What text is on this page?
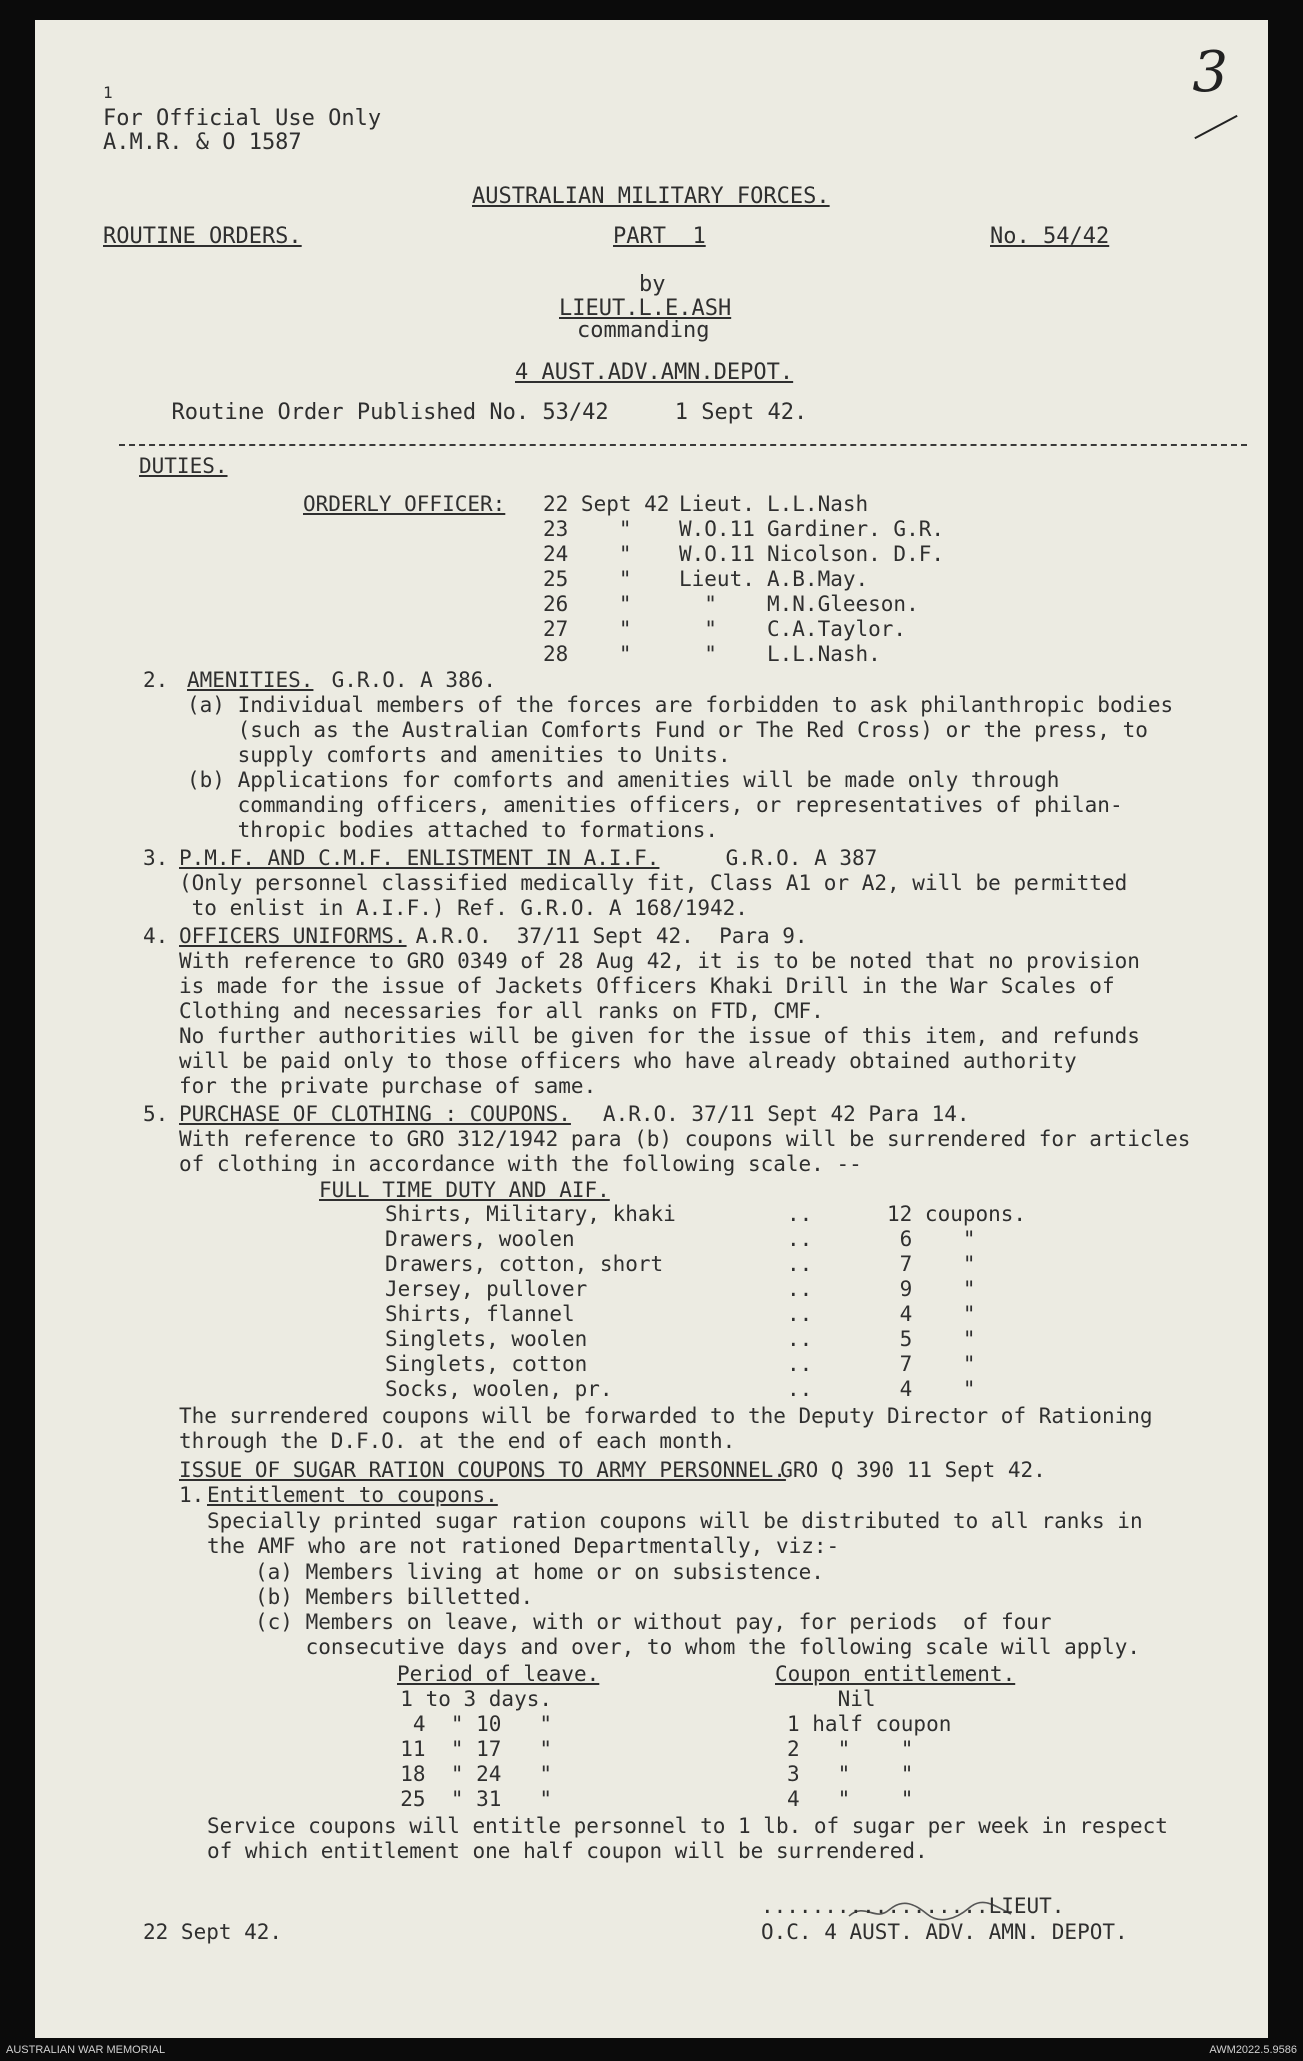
3
1
For Official Use Only
A.M.R. & O 1587
AUSTRALIAN MILITARY FORCES.
ROUTINE ORDERS.	PART  1	No. 54/42
by
LIEUT.L.E.ASH
commanding
4 AUST.ADV.AMN.DEPOT.
Routine Order Published No. 53/42     1 Sept 42.
DUTIES.
ORDERLY OFFICER: 22 Sept 42 Lieut. L.L.Nash
23    " W.O.11 Gardiner. G.R.
24    " W.O.11 Nicolson. D.F.
25    " Lieut. A.B.May.
26    " " M.N.Gleeson.
27    " " C.A.Taylor.
28    " " L.L.Nash.
2. AMENITIES. G.R.O. A 386.
(a) Individual members of the forces are forbidden to ask philanthropic bodies
(such as the Australian Comforts Fund or The Red Cross) or the press, to
supply comforts and amenities to Units.
(b) Applications for comforts and amenities will be made only through
commanding officers, amenities officers, or representatives of philan-
thropic bodies attached to formations.
3. P.M.F. AND C.M.F. ENLISTMENT IN A.I.F. G.R.O. A 387
(Only personnel classified medically fit, Class A1 or A2, will be permitted
to enlist in A.I.F.) Ref. G.R.O. A 168/1942.
4. OFFICERS UNIFORMS.
A.R.O.  37/11 Sept 42.  Para 9.
With reference to GRO 0349 of 28 Aug 42, it is to be noted that no provision
is made for the issue of Jackets Officers Khaki Drill in the War Scales of
Clothing and necessaries for all ranks on FTD, CMF.
No further authorities will be given for the issue of this item, and refunds
will be paid only to those officers who have already obtained authority
for the private purchase of same.
5. PURCHASE OF CLOTHING : COUPONS.
A.R.O. 37/11 Sept 42 Para 14.
With reference to GRO 312/1942 para (b) coupons will be surrendered for articles
of clothing in accordance with the following scale. --
FULL TIME DUTY AND AIF.
Shirts, Military, khaki	..	12 coupons.
Drawers, woolen	..	6    "
Drawers, cotton, short	..	7    "
Jersey, pullover	..	9    "
Shirts, flannel	..	4    "
Singlets, woolen	..	5    "
Singlets, cotton	..	7    "
Socks, woolen, pr.	..	4    "
The surrendered coupons will be forwarded to the Deputy Director of Rationing
through the D.F.O. at the end of each month.
ISSUE OF SUGAR RATION COUPONS TO ARMY PERSONNEL.
GRO Q 390 11 Sept 42.
1. Entitlement to coupons.
Specially printed sugar ration coupons will be distributed to all ranks in
the AMF who are not rationed Departmentally, viz:-
(a) Members living at home or on subsistence.
(b) Members billetted.
(c) Members on leave, with or without pay, for periods  of four
consecutive days and over, to whom the following scale will apply.
Period of leave.	Coupon entitlement.
1 to 3 days.	Nil
4  " 10   "	1 half coupon
11  " 17   "	2   "    "
18  " 24   "	3   "    "
25  " 31   "	4   "    "
Service coupons will entitle personnel to 1 lb. of sugar per week in respect
of which entitlement one half coupon will be surrendered.
22 Sept 42.
..................LIEUT.
O.C. 4 AUST. ADV. AMN. DEPOT.
AUSTRALIAN WAR MEMORIAL	AWM2022.5.9586
